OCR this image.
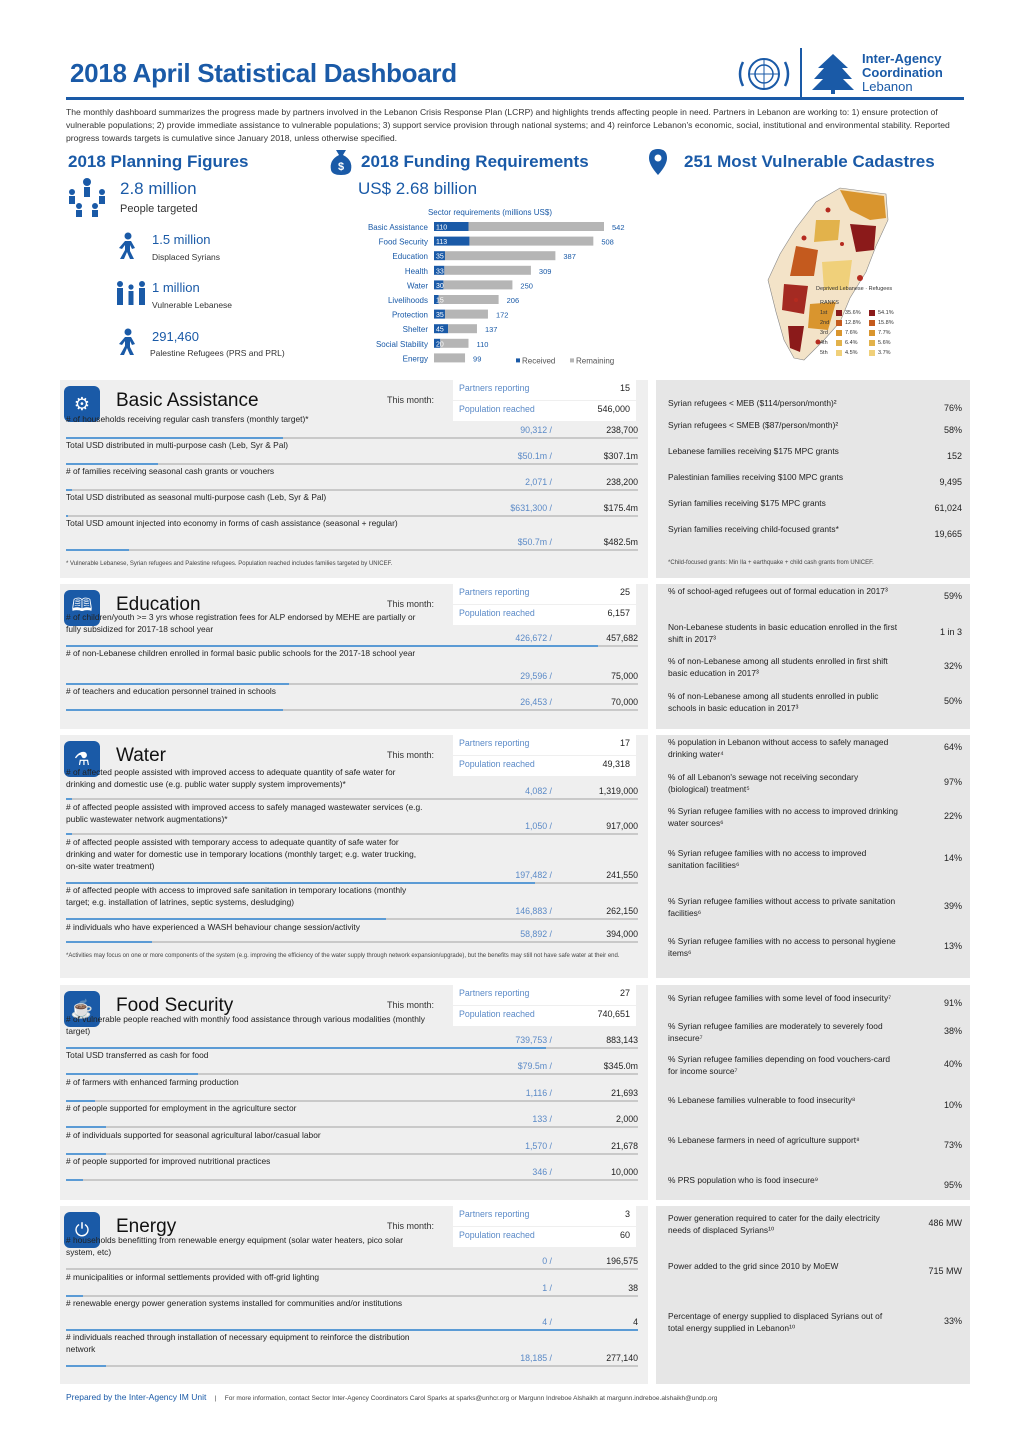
2018 April Statistical Dashboard	Inter-Agency
Coordination
Lebanon
The monthly dashboard summarizes the progress made by partners involved in the Lebanon Crisis Response Plan (LCRP) and highlights trends affecting people in need. Partners in Lebanon are working to: 1) ensure protection of vulnerable populations; 2) provide immediate assistance to vulnerable populations; 3) support service provision through national systems; and 4) reinforce Lebanon's economic, social, institutional and environmental stability. Reported progress towards targets is cumulative since January 2018, unless otherwise specified.
2018 Planning Figures
2.8 million
People targeted
1.5 million
Displaced Syrians
1 million
Vulnerable Lebanese
291,460
Palestine Refugees (PRS and PRL)
$ 2018 Funding Requirements
US$ 2.68 billion
Sector requirements (millions US$)
Basic Assistance 110	542
Food Security 113	508
Education 35	387
Health 33	309
Water 30	250
Livelihoods 15	206
Protection 35	172
Shelter 45	137
Social Stability 20	110
Energy	99	Received	Remaining
251 Most Vulnerable Cadastres
Deprived Lebanese · Refugees
RANKS
1st	35.6%	54.1%
2nd	12.8%	15.8%
3rd	7.6%	7.7%
4th	6.4%	5.6%
5th	4.5%	3.7%
⚙	Basic Assistance	This month:
Partners reporting	15
Population reached	546,000
# of households receiving regular cash transfers (monthly target)*
90,312 /	238,700
Total USD distributed in multi-purpose cash (Leb, Syr & Pal)
$50.1m /	$307.1m
# of families receiving seasonal cash grants or vouchers
2,071 /	238,200
Total USD distributed as seasonal multi-purpose cash (Leb, Syr & Pal)
$631,300 /	$175.4m
Total USD amount injected into economy in forms of cash assistance (seasonal + regular)
$50.7m /	$482.5m
* Vulnerable Lebanese, Syrian refugees and Palestine refugees. Population reached includes families targeted by UNICEF.
Syrian refugees < MEB ($114/person/month)²	76%
Syrian refugees < SMEB ($87/person/month)²	58%
Lebanese families receiving $175 MPC grants	152
Palestinian families receiving $100 MPC grants	9,495
Syrian families receiving $175 MPC grants	61,024
Syrian families receiving child-focused grants*	19,665
*Child-focused grants: Min Ila + earthquake + child cash grants from UNICEF.
🕮	Education	This month:
Partners reporting	25
Population reached	6,157
# of children/youth >= 3 yrs whose registration fees for ALP endorsed by MEHE are partially or fully subsidized for 2017-18 school year
426,672 /	457,682
# of non-Lebanese children enrolled in formal basic public schools for the 2017-18 school year
29,596 /	75,000
# of teachers and education personnel trained in schools
26,453 /	70,000
% of school-aged refugees out of formal education in 2017³	59%
Non-Lebanese students in basic education enrolled in the first shift in 2017³
1 in 3
% of non-Lebanese among all students enrolled in first shift basic education in 2017³
32%
% of non-Lebanese among all students enrolled in public schools in basic education in 2017³
50%
⚗	Water	This month:
Partners reporting	17
Population reached	49,318
# of affected people assisted with improved access to adequate quantity of safe water for drinking and domestic use (e.g. public water supply system improvements)*
4,082 /	1,319,000
# of affected people assisted with improved access to safely managed wastewater services (e.g. public wastewater network augmentations)*
1,050 /	917,000
# of affected people assisted with temporary access to adequate quantity of safe water for drinking and water for domestic use in temporary locations (monthly target; e.g. water trucking, on-site water treatment)
197,482 /	241,550
# of affected people with access to improved safe sanitation in temporary locations (monthly target; e.g. installation of latrines, septic systems, desludging)
146,883 /	262,150
# individuals who have experienced a WASH behaviour change session/activity
58,892 /	394,000
*Activities may focus on one or more components of the system (e.g. improving the efficiency of the water supply through network expansion/upgrade), but the benefits may still not have safe water at their end.
% population in Lebanon without access to safely managed drinking water⁴
64%
% of all Lebanon's sewage not receiving secondary (biological) treatment⁵
97%
% Syrian refugee families with no access to improved drinking water sources⁶
22%
% Syrian refugee families with no access to improved sanitation facilities⁶
14%
% Syrian refugee families without access to private sanitation facilities⁶
39%
% Syrian refugee families with no access to personal hygiene items⁶
13%
☕	Food Security	This month:
Partners reporting	27
Population reached	740,651
# of vulnerable people reached with monthly food assistance through various modalities (monthly target)
739,753 /	883,143
Total USD transferred as cash for food
$79.5m /	$345.0m
# of farmers with enhanced farming production
1,116 /	21,693
# of people supported for employment in the agriculture sector
133 /	2,000
# of individuals supported for seasonal agricultural labor/casual labor
1,570 /	21,678
# of people supported for improved nutritional practices
346 /	10,000
% Syrian refugee families with some level of food insecurity⁷	91%
% Syrian refugee families are moderately to severely food insecure⁷
38%
% Syrian refugee families depending on food vouchers-card for income source⁷
40%
% Lebanese families vulnerable to food insecurity⁸	10%
% Lebanese farmers in need of agriculture support⁸	73%
% PRS population who is food insecure⁹	95%
⏻	Energy	This month:
Partners reporting	3
Population reached	60
# households benefitting from renewable energy equipment (solar water heaters, pico solar system, etc)
0 /	196,575
# municipalities or informal settlements provided with off-grid lighting
1 /	38
# renewable energy power generation systems installed for communities and/or institutions
4 /	4
# individuals reached through installation of necessary equipment to reinforce the distribution network
18,185 /	277,140
Power generation required to cater for the daily electricity needs of displaced Syrians¹⁰
486 MW
Power added to the grid since 2010 by MoEW	715 MW
Percentage of energy supplied to displaced Syrians out of total energy supplied in Lebanon¹⁰
33%
Prepared by the Inter-Agency IM Unit | For more information, contact Sector Inter-Agency Coordinators Carol Sparks at sparks@unhcr.org or Margunn Indreboe Alshaikh at margunn.indreboe.alshaikh@undp.org
